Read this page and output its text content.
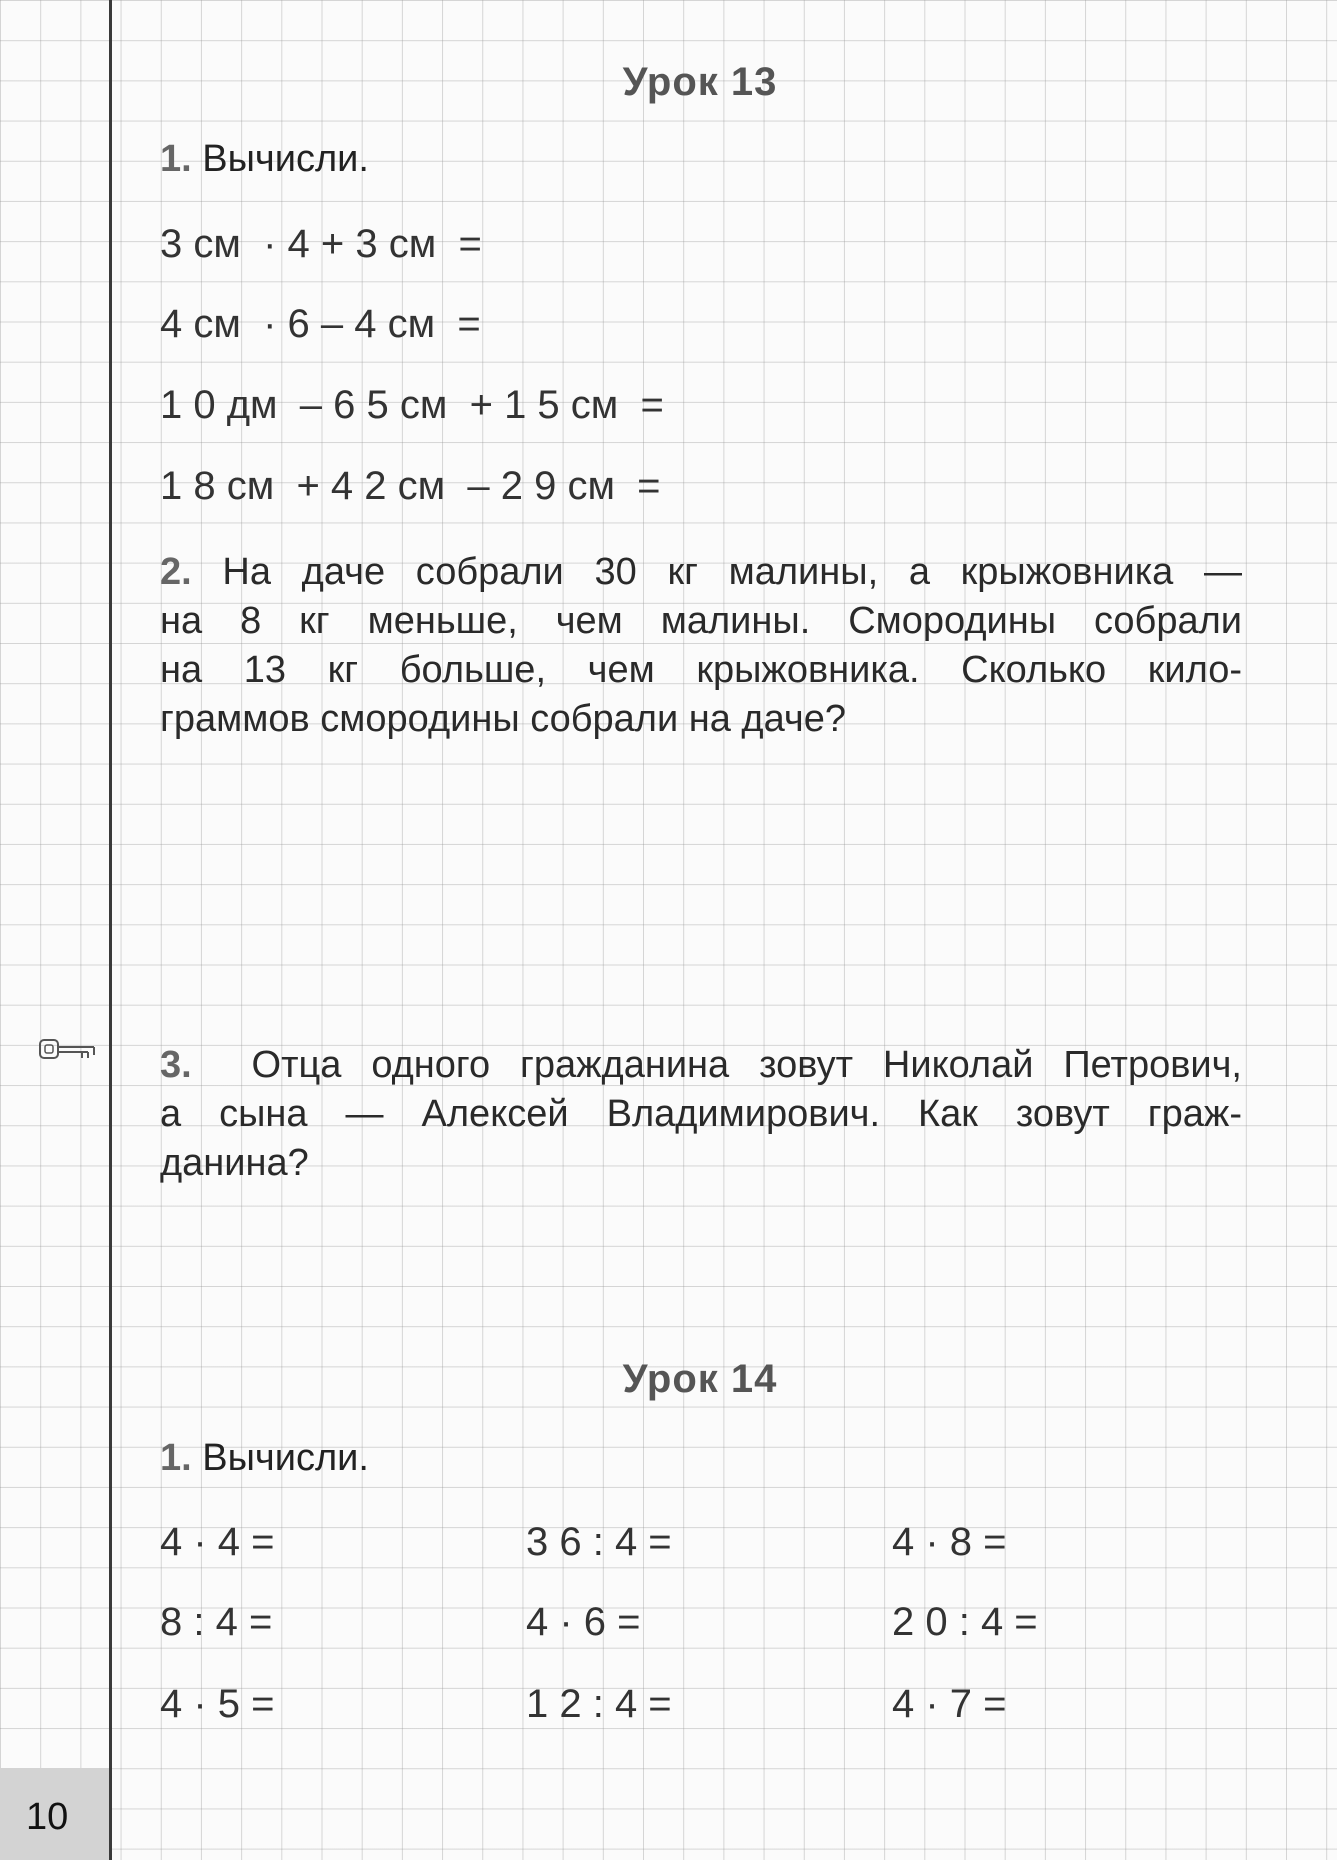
10
Урок 13
1. Вычисли.
3 см  · 4 + 3 см  =
4 см  · 6 – 4 см  =
1 0 дм  – 6 5 см  + 1 5 см  =
1 8 см  + 4 2 см  – 2 9 см  =
2. На даче собрали 30 кг малины, а крыжовника —
на 8 кг меньше, чем малины. Смородины собрали
на 13 кг больше, чем крыжовника. Сколько кило-
граммов смородины собрали на даче?
3. Отца одного гражданина зовут Николай Петрович,
а сына — Алексей Владимирович. Как зовут граж-
данина?
Урок 14
1. Вычисли.
4 · 4 =
8 : 4 =
4 · 5 =
3 6 : 4 =
4 · 6 =
1 2 : 4 =
4 · 8 =
2 0 : 4 =
4 · 7 =
